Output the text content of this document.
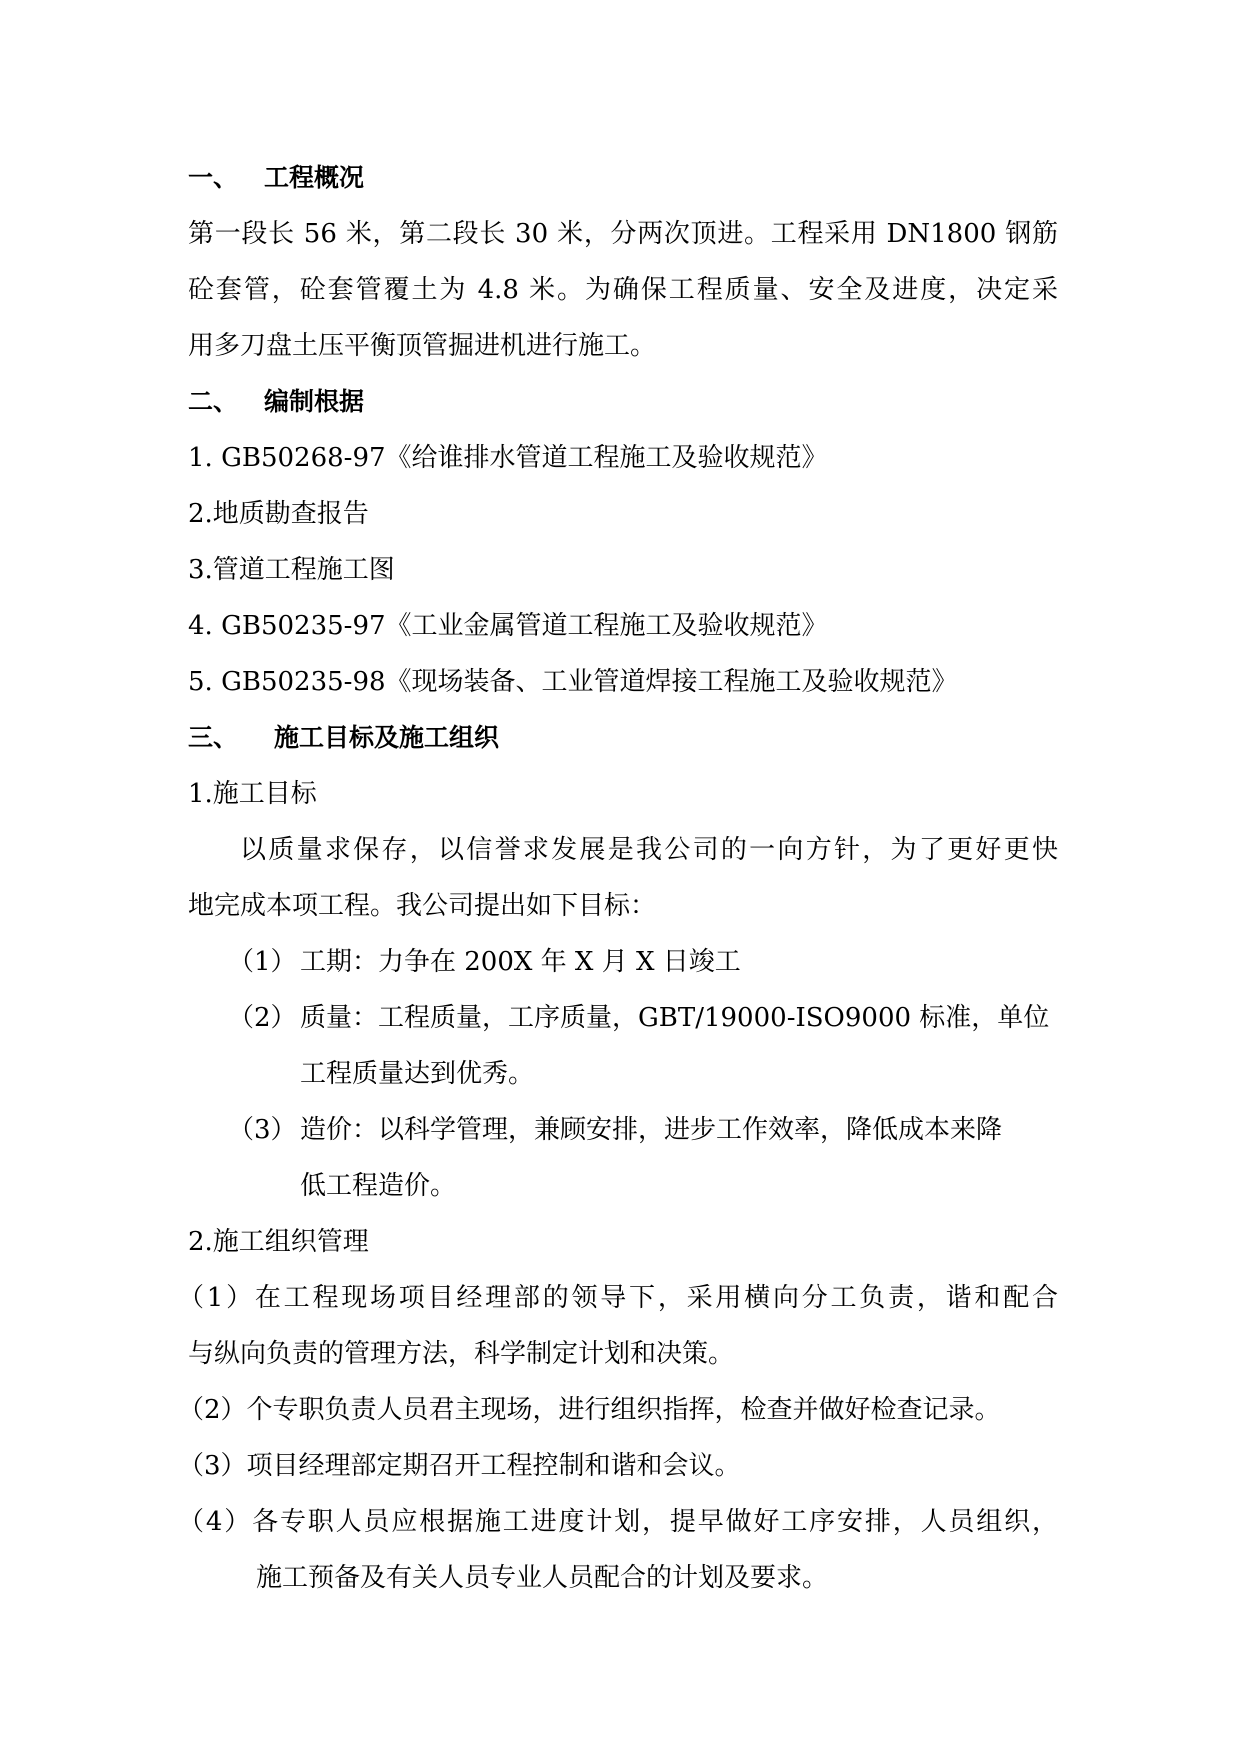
一、 工程概况
第一段长 56 米，第二段长 30 米，分两次顶进。工程采用 DN1800 钢筋
砼套管，砼套管覆土为 4.8 米。为确保工程质量、安全及进度，决定采
用多刀盘土压平衡顶管掘进机进行施工。
二、 编制根据
1. GB50268-97《给谁排水管道工程施工及验收规范》
2.地质勘查报告
3.管道工程施工图
4. GB50235-97《工业金属管道工程施工及验收规范》
5. GB50235-98《现场装备、工业管道焊接工程施工及验收规范》
三、 施工目标及施工组织
1.施工目标
以质量求保存，以信誉求发展是我公司的一向方针，为了更好更快
地完成本项工程。我公司提出如下目标：
（1） 工期：力争在 200X 年 X 月 X 日竣工
（2） 质量：工程质量，工序质量，GBT/19000-ISO9000 标准，单位
工程质量达到优秀。
（3） 造价：以科学管理，兼顾安排，进步工作效率，降低成本来降
低工程造价。
2.施工组织管理
（1）在工程现场项目经理部的领导下，采用横向分工负责，谐和配合
与纵向负责的管理方法，科学制定计划和决策。
（2）个专职负责人员君主现场，进行组织指挥，检查并做好检查记录。
（3）项目经理部定期召开工程控制和谐和会议。
（4）各专职人员应根据施工进度计划，提早做好工序安排，人员组织，
施工预备及有关人员专业人员配合的计划及要求。
